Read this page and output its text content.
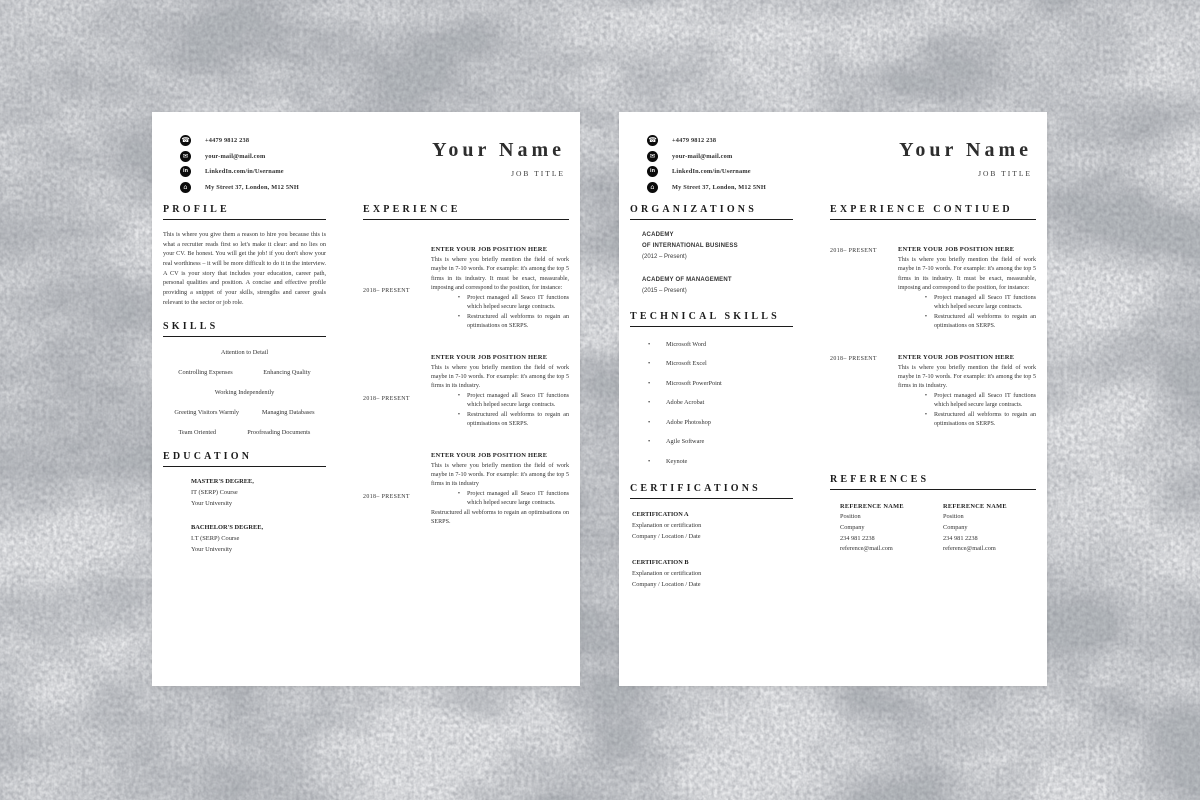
☎ +4479 9812 238
✉	your-mail@mail.com
in	LinkedIn.com/in/Username
⌂	My Street 37, London, M12 5NH
Your Name
JOB TITLE
PROFILE
This is where you give them a reason to hire you because this is what a recruiter reads first so let's make it clear: and no lies on your CV. Be honest. You will get the job! if you don't show your real worthiness – it will be more difficult to do it in the interview. A CV is your story that includes your education, career path, personal qualities and position. A concise and effective profile providing a snippet of your skills, strengths and career goals relevant to the sector or job role.
SKILLS
Attention to Detail
Controlling Expenses	Enhancing Quality
Working Independently
Greeting Visitors Warmly	Managing Databases
Team Oriented	Proofreading Documents
EDUCATION
MASTER'S DEGREE,
IT (SERP) Course
Your University
BACHELOR'S DEGREE,
I.T (SERP) Course
Your University
EXPERIENCE
2018– PRESENT
ENTER YOUR JOB POSITION HERE
This is where you briefly mention the field of work maybe in 7-10 words. For example: it's among the top 5 firms in its industry. It must be exact, measurable, imposing and correspond to the position, for instance:
•	Project managed all Seaco IT functions which helped secure large contracts.
•	Restructured all webforms to regain an optimisations on SERPS.
2018– PRESENT
ENTER YOUR JOB POSITION HERE
This is where you briefly mention the field of work maybe in 7-10 words. For example: it's among the top 5 firms in its industry.
•	Project managed all Seaco IT functions which helped secure large contracts.
•	Restructured all webforms to regain an optimisations on SERPS.
2018– PRESENT
ENTER YOUR JOB POSITION HERE
This is where you briefly mention the field of work maybe in 7-10 words. For example: it's among the top 5 firms in its industry
•	Project managed all Seaco IT functions which helped secure large contracts.
Restructured all webforms to regain an optimisations on SERPS.
☎ +4479 9812 238
✉	your-mail@mail.com
in	LinkedIn.com/in/Username
⌂	My Street 37, London, M12 5NH
Your Name
JOB TITLE
ORGANIZATIONS
ACADEMY
OF INTERNATIONAL BUSINESS
(2012 – Present)
ACADEMY OF MANAGEMENT
(2015 – Present)
TECHNICAL SKILLS
•	Microsoft Word
•	Microsoft Excel
•	Microsoft PowerPoint
•	Adobe Acrobat
•	Adobe Photoshop
•	Agile Software
•	Keynote
CERTIFICATIONS
CERTIFICATION A
Explanation or certification
Company / Location / Date
CERTIFICATION B
Explanation or certification
Company / Location / Date
EXPERIENCE CONTIUED
2018– PRESENT	ENTER YOUR JOB POSITION HERE
This is where you briefly mention the field of work maybe in 7-10 words. For example: it's among the top 5 firms in its industry. It must be exact, measurable, imposing and correspond to the position, for instance:
•	Project managed all Seaco IT functions which helped secure large contracts.
•	Restructured all webforms to regain an optimisations on SERPS.
2018– PRESENT	ENTER YOUR JOB POSITION HERE
This is where you briefly mention the field of work maybe in 7-10 words. For example: it's among the top 5 firms in its industry.
•	Project managed all Seaco IT functions which helped secure large contracts.
•	Restructured all webforms to regain an optimisations on SERPS.
REFERENCES
REFERENCE NAME
Position
Company
234 981 2238
reference@mail.com
REFERENCE NAME
Position
Company
234 981 2238
reference@mail.com
